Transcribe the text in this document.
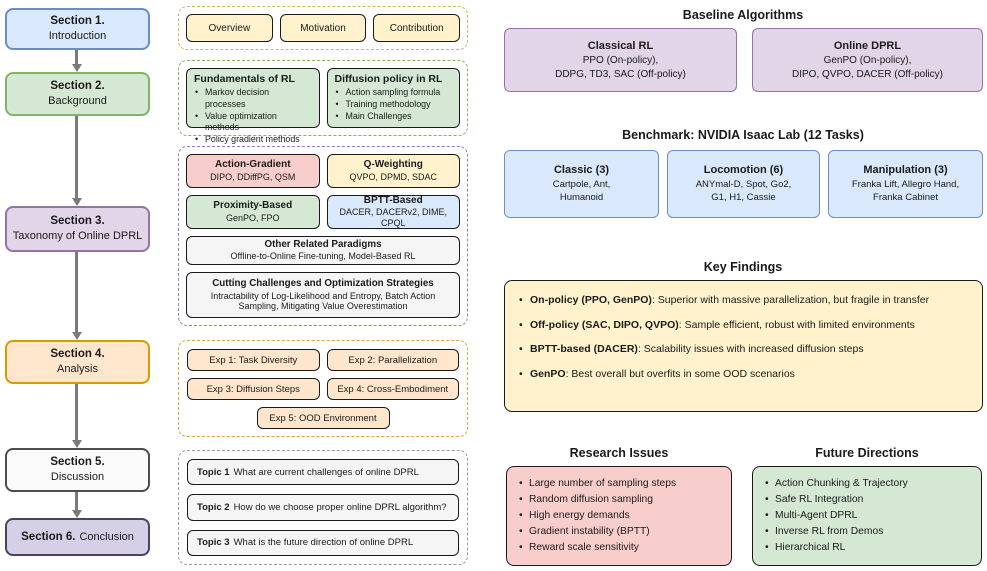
Section 1.
Introduction
Section 2.
Background
Section 3.
Taxonomy of Online DPRL
Section 4.
Analysis
Section 5.
Discussion
Section 6. Conclusion
Overview	Motivation	Contribution
Fundamentals of RL
• Markov decision processes
• Value optimization methods
• Policy gradient methods
Diffusion policy in RL
• Action sampling formula
• Training methodology
• Main Challenges
Action-Gradient
DIPO, DDiffPG, QSM
Q-Weighting
QVPO, DPMD, SDAC
Proximity-Based
GenPO, FPO
BPTT-Based
DACER, DACERv2, DIME, CPQL
Other Related Paradigms
Offline-to-Online Fine-tuning, Model-Based RL
Cutting Challenges and Optimization Strategies
Intractability of Log-Likelihood and Entropy, Batch Action Sampling, Mitigating Value Overestimation
Exp 1: Task Diversity	Exp 2: Parallelization
Exp 3: Diffusion Steps	Exp 4: Cross-Embodiment
Exp 5: OOD Environment
Topic 1 What are current challenges of online DPRL
Topic 2 How do we choose proper online DPRL algorithm?
Topic 3 What is the future direction of online DPRL
Baseline Algorithms
Classical RL
PPO (On-policy),
DDPG, TD3, SAC (Off-policy)
Online DPRL
GenPO (On-policy),
DIPO, QVPO, DACER (Off-policy)
Benchmark: NVIDIA Isaac Lab (12 Tasks)
Classic (3)
Cartpole, Ant,
Humanoid
Locomotion (6)
ANYmal-D, Spot, Go2,
G1, H1, Cassie
Manipulation (3)
Franka Lift, Allegro Hand,
Franka Cabinet
Key Findings
• On-policy (PPO, GenPO): Superior with massive parallelization, but fragile in transfer
• Off-policy (SAC, DIPO, QVPO): Sample efficient, robust with limited environments
• BPTT-based (DACER): Scalability issues with increased diffusion steps
• GenPO: Best overall but overfits in some OOD scenarios
Research Issues	Future Directions
• Large number of sampling steps
• Random diffusion sampling
• High energy demands
• Gradient instability (BPTT)
• Reward scale sensitivity
• Action Chunking & Trajectory
• Safe RL Integration
• Multi-Agent DPRL
• Inverse RL from Demos
• Hierarchical RL
